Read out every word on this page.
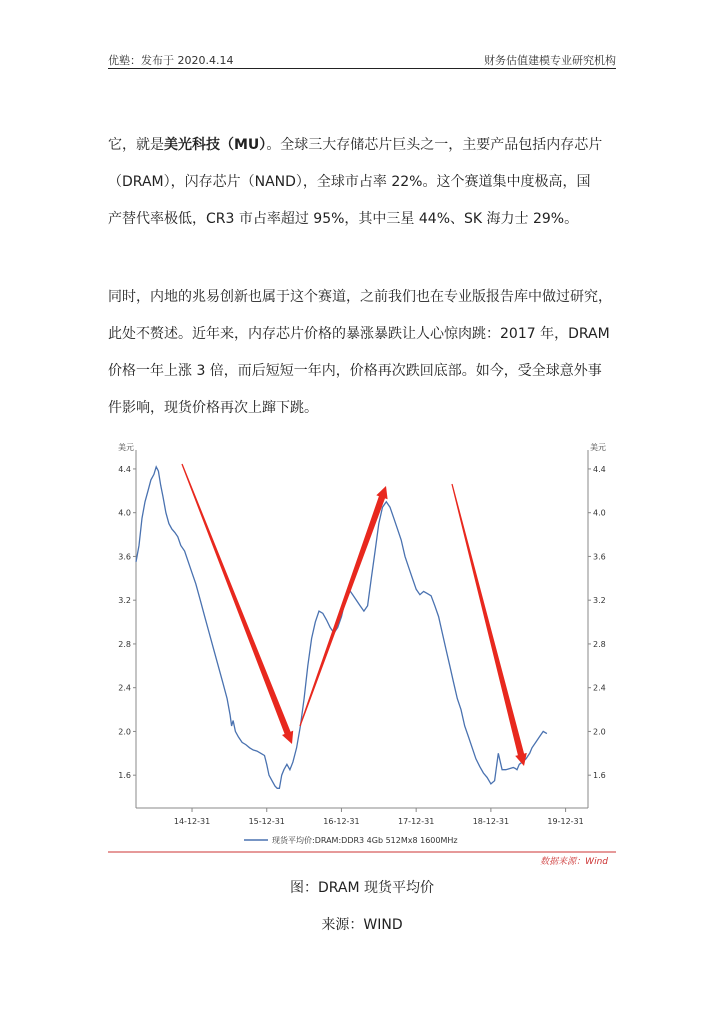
优塾：发布于 2020.4.14	财务估值建模专业研究机构

它，就是美光科技（MU）。全球三大存储芯片巨头之一，主要产品包括内存芯片

（DRAM），闪存芯片（NAND），全球市占率 22%。这个赛道集中度极高，国

产替代率极低，CR3 市占率超过 95%，其中三星 44%、SK 海力士 29%。

同时，内地的兆易创新也属于这个赛道，之前我们也在专业版报告库中做过研究，

此处不赘述。近年来，内存芯片价格的暴涨暴跌让人心惊肉跳：2017 年，DRAM

价格一年上涨 3 倍，而后短短一年内，价格再次跌回底部。如今，受全球意外事

件影响，现货价格再次上蹿下跳。

美元	美元
4.4	4.4
4.0	4.0
3.6	3.6
3.2	3.2
2.8	2.8
2.4	2.4
2.0	2.0
1.6	1.6
14-12-31	15-12-31	16-12-31	17-12-31	18-12-31	19-12-31
现货平均价:DRAM:DDR3 4Gb 512Mx8 1600MHz
数据来源：Wind
图：DRAM 现货平均价
来源：WIND
